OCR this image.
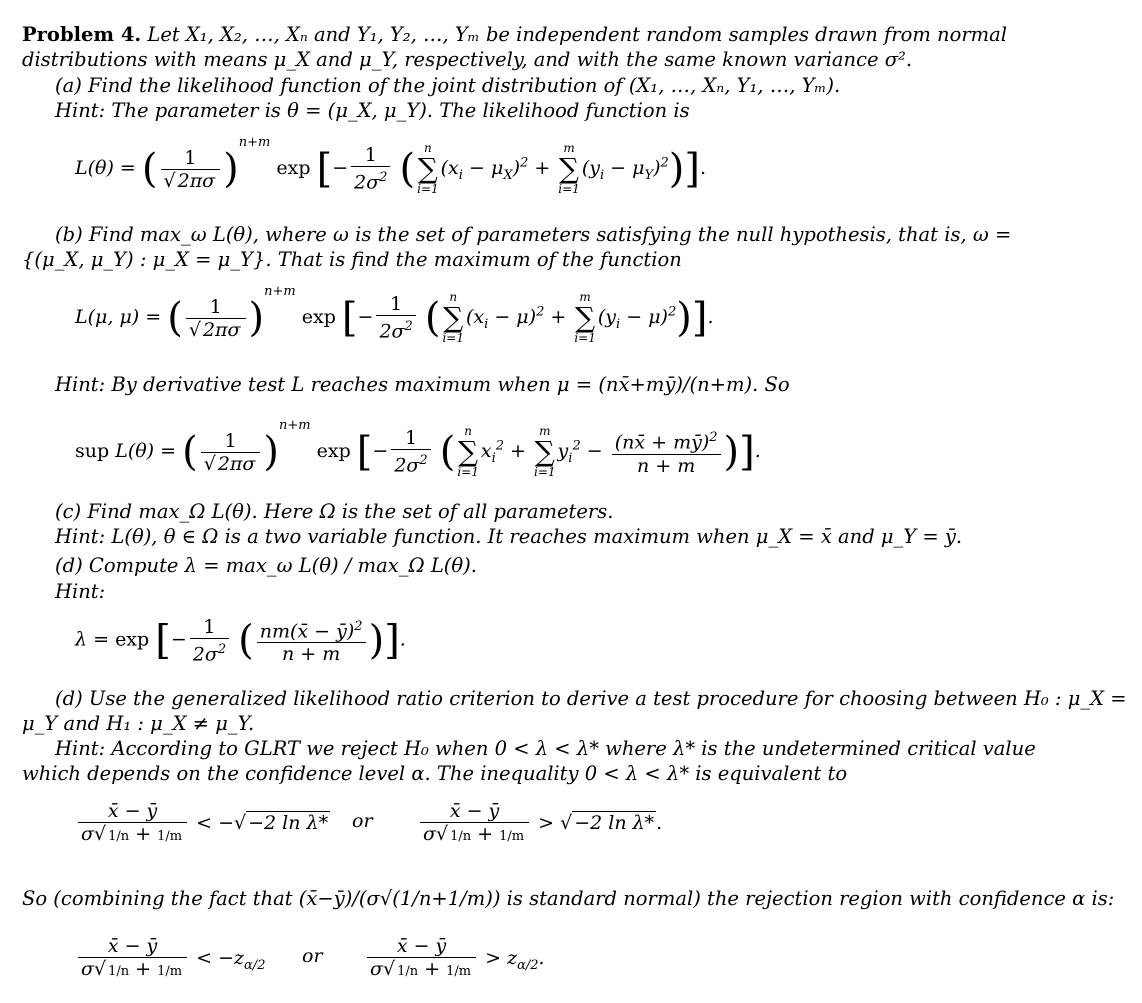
Problem 4. Let X₁, X₂, …, Xₙ and Y₁, Y₂, …, Yₘ be independent random samples drawn from normal
distributions with means μ_X and μ_Y, respectively, and with the same known variance σ².
(a) Find the likelihood function of the joint distribution of (X₁, …, Xₙ, Y₁, …, Yₘ).
Hint: The parameter is θ = (μ_X, μ_Y). The likelihood function is
L(θ) = ( $\frac{1}{√ 2\pi\sigma} )^{n+m}$ exp [− $\frac{1}{2\sigma^2}$ ( n
∑
i=1
$(x_i - \mu_X)^2$ +
m
∑
i=1
$(y_i - \mu_Y)^2$)].
(b) Find max_ω L(θ), where ω is the set of parameters satisfying the null hypothesis, that is, ω =
{(μ_X, μ_Y) : μ_X = μ_Y}. That is find the maximum of the function
L(μ, μ) = ( $\frac{1}{√ 2\pi\sigma} )^{n+m}$ exp [− $\frac{1}{2\sigma^2}$ ( n
∑
i=1
$(x_i - \mu)^2$ +
m
∑
i=1
$(y_i - \mu)^2$)].
Hint: By derivative test L reaches maximum when μ = (nx̄+mȳ)/(n+m). So
sup L(θ) = ( $\frac{1}{√ 2\pi\sigma} )^{n+m}$ exp [− $\frac{1}{2\sigma^2}$ ( n
∑
i=1
$x_i^2$ +
m
∑
i=1
$y_i^2 - \frac{(nx̄ + mȳ)^2}{n + m}$ )].
(c) Find max_Ω L(θ). Here Ω is the set of all parameters.
Hint: L(θ), θ ∈ Ω is a two variable function. It reaches maximum when μ_X = x̄ and μ_Y = ȳ.
(d) Compute λ = max_ω L(θ) / max_Ω L(θ).
Hint:
λ = exp [− $\frac{1}{2\sigma^2}$ ( $\frac{nm(x̄ - ȳ)^2}{n + m}$ )].
(d) Use the generalized likelihood ratio criterion to derive a test procedure for choosing between H₀ : μ_X =
μ_Y and H₁ : μ_X ≠ μ_Y.
Hint: According to GLRT we reject H₀ when 0 < λ < λ* where λ* is the undetermined critical value
which depends on the confidence level α. The inequality 0 < λ < λ* is equivalent to
$\frac{x̄ - ȳ}{\sigma√ 1/n + 1/m}$ < −√ −2 ln λ* or $\frac{x̄ - ȳ}{\sigma√ 1/n + 1/m}$ > √ −2 ln λ* .
So (combining the fact that (x̄−ȳ)/(σ√(1/n+1/m)) is standard normal) the rejection region with confidence α is:
$\frac{x̄ - ȳ}{\sigma√ 1/n + 1/m} < -z_{\alpha/2}$ or $\frac{x̄ - ȳ}{\sigma√ 1/n + 1/m} > z_{\alpha/2}$.
